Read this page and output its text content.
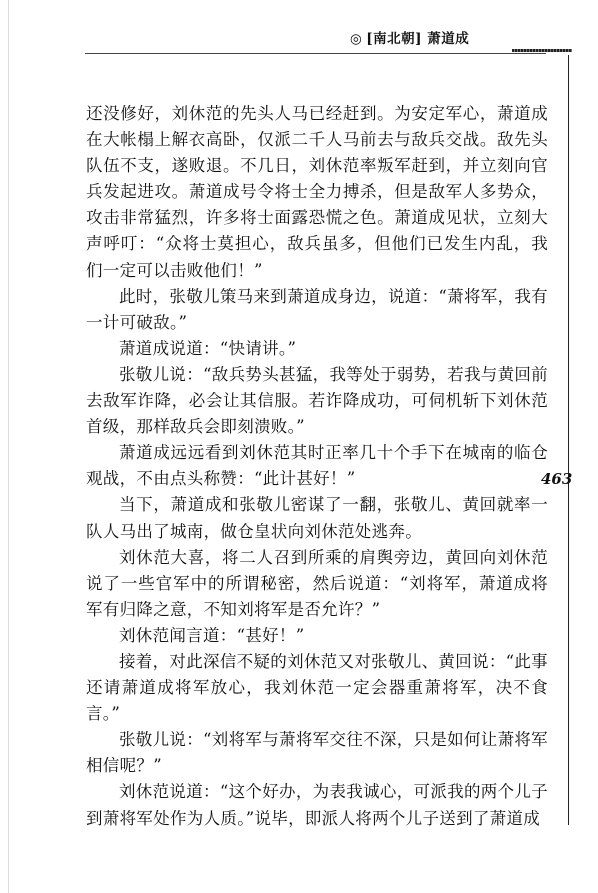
◎ [南北朝] 萧道成
463

还没修好，刘休范的先头人马已经赶到。为安定军心，萧道成在大帐榻上解衣高卧，仅派二千人马前去与敌兵交战。敌先头队伍不支，遂败退。不几日，刘休范率叛军赶到，并立刻向官兵发起进攻。萧道成号令将士全力搏杀，但是敌军人多势众，攻击非常猛烈，许多将士面露恐慌之色。萧道成见状，立刻大声呼叮：“众将士莫担心，敌兵虽多，但他们已发生内乱，我们一定可以击败他们！”

此时，张敬儿策马来到萧道成身边，说道：“萧将军，我有一计可破敌。”

萧道成说道：“快请讲。”

张敬儿说：“敌兵势头甚猛，我等处于弱势，若我与黄回前去敌军诈降，必会让其信服。若诈降成功，可伺机斩下刘休范首级，那样敌兵会即刻溃败。”

萧道成远远看到刘休范其时正率几十个手下在城南的临仓观战，不由点头称赞：“此计甚好！”

当下，萧道成和张敬儿密谋了一翻，张敬儿、黄回就率一队人马出了城南，做仓皇状向刘休范处逃奔。

刘休范大喜，将二人召到所乘的肩舆旁边，黄回向刘休范说了一些官军中的所谓秘密，然后说道：“刘将军，萧道成将军有归降之意，不知刘将军是否允许？”

刘休范闻言道：“甚好！”

接着，对此深信不疑的刘休范又对张敬儿、黄回说：“此事还请萧道成将军放心，我刘休范一定会器重萧将军，决不食言。”

张敬儿说：“刘将军与萧将军交往不深，只是如何让萧将军相信呢？”

刘休范说道：“这个好办，为表我诚心，可派我的两个儿子到萧将军处作为人质。”说毕，即派人将两个儿子送到了萧道成
